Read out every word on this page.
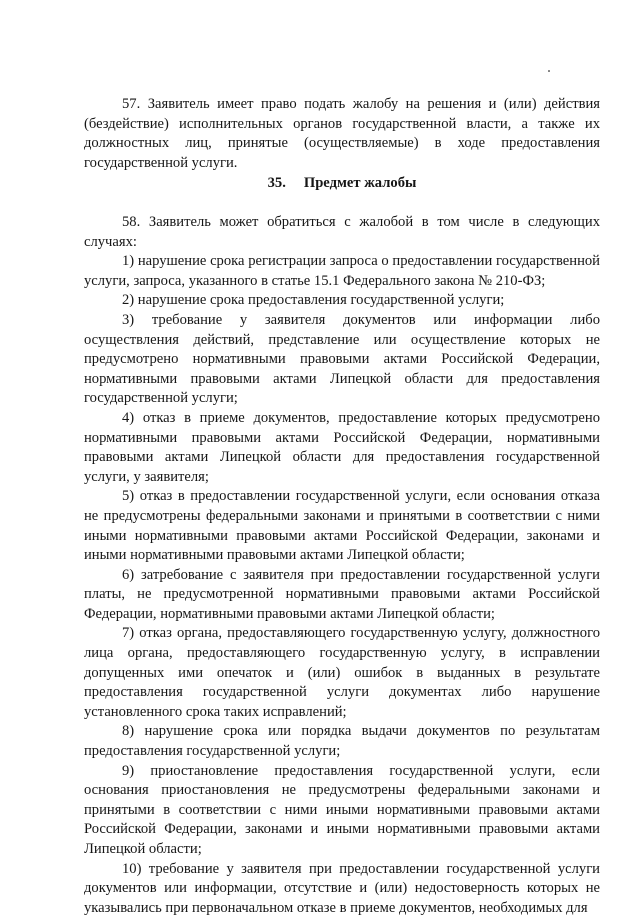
57. Заявитель имеет право подать жалобу на решения и (или) действия (бездействие) исполнительных органов государственной власти, а также их должностных лиц, принятые (осуществляемые) в ходе предоставления государственной услуги.

35. Предмет жалобы

58. Заявитель может обратиться с жалобой в том числе в следующих случаях:

1) нарушение срока регистрации запроса о предоставлении государственной услуги, запроса, указанного в статье 15.1 Федерального закона № 210-ФЗ;

2) нарушение срока предоставления государственной услуги;

3) требование у заявителя документов или информации либо осуществления действий, представление или осуществление которых не предусмотрено нормативными правовыми актами Российской Федерации, нормативными правовыми актами Липецкой области для предоставления государственной услуги;

4) отказ в приеме документов, предоставление которых предусмотрено нормативными правовыми актами Российской Федерации, нормативными правовыми актами Липецкой области для предоставления государственной услуги, у заявителя;

5) отказ в предоставлении государственной услуги, если основания отказа не предусмотрены федеральными законами и принятыми в соответствии с ними иными нормативными правовыми актами Российской Федерации, законами и иными нормативными правовыми актами Липецкой области;

6) затребование с заявителя при предоставлении государственной услуги платы, не предусмотренной нормативными правовыми актами Российской Федерации, нормативными правовыми актами Липецкой области;

7) отказ органа, предоставляющего государственную услугу, должностного лица органа, предоставляющего государственную услугу, в исправлении допущенных ими опечаток и (или) ошибок в выданных в результате предоставления государственной услуги документах либо нарушение установленного срока таких исправлений;

8) нарушение срока или порядка выдачи документов по результатам предоставления государственной услуги;

9) приостановление предоставления государственной услуги, если основания приостановления не предусмотрены федеральными законами и принятыми в соответствии с ними иными нормативными правовыми актами Российской Федерации, законами и иными нормативными правовыми актами Липецкой области;

10) требование у заявителя при предоставлении государственной услуги документов или информации, отсутствие и (или) недостоверность которых не указывались при первоначальном отказе в приеме документов, необходимых для
